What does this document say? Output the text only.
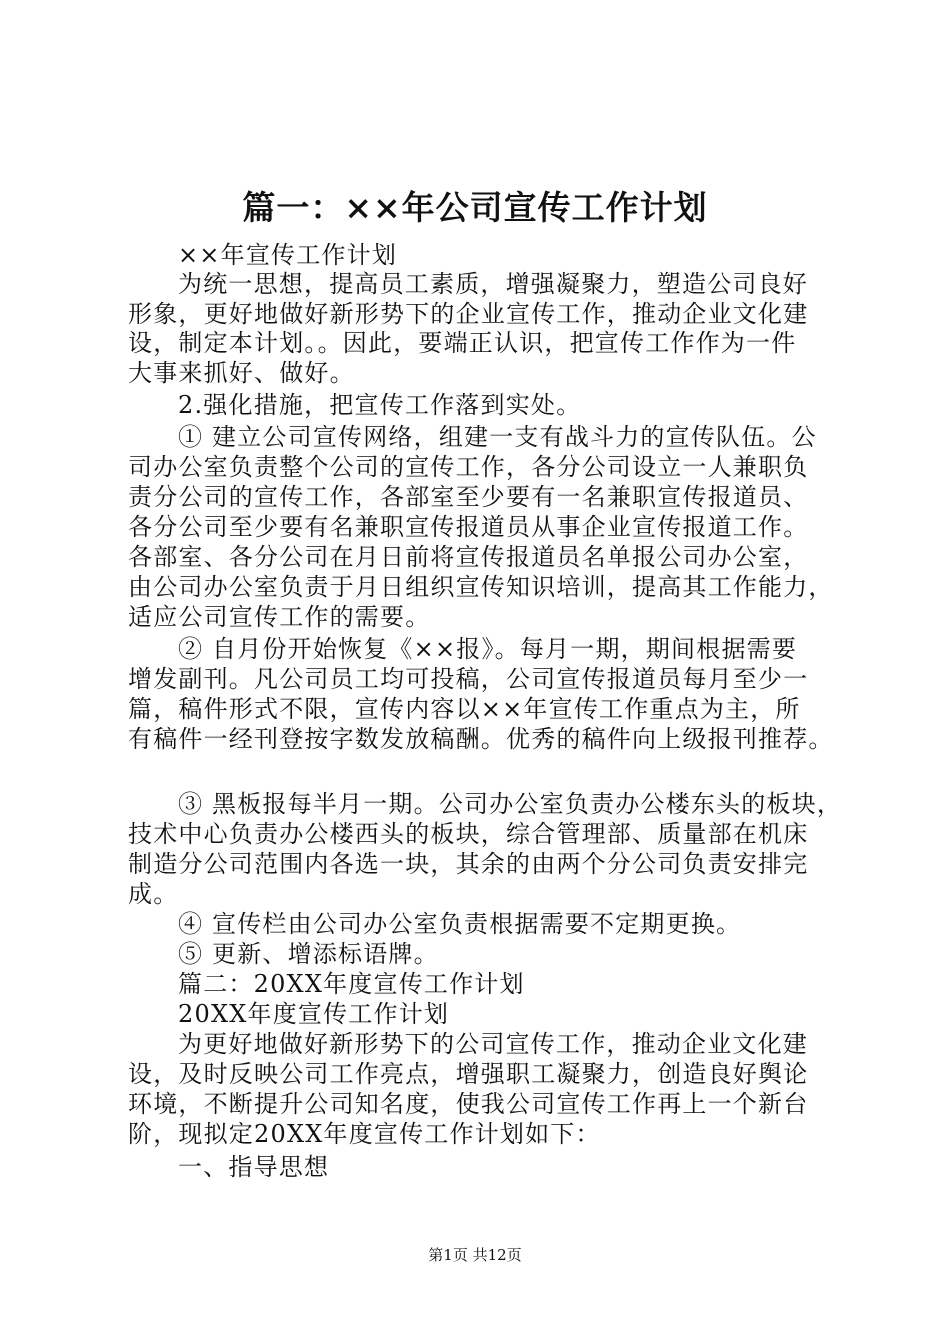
篇一：××年公司宣传工作计划
××年宣传工作计划
为统一思想，提高员工素质，增强凝聚力，塑造公司良好
形象，更好地做好新形势下的企业宣传工作，推动企业文化建
设，制定本计划。。因此，要端正认识，把宣传工作作为一件
大事来抓好、做好。
2.强化措施，把宣传工作落到实处。
① 建立公司宣传网络，组建一支有战斗力的宣传队伍。公
司办公室负责整个公司的宣传工作，各分公司设立一人兼职负
责分公司的宣传工作，各部室至少要有一名兼职宣传报道员、
各分公司至少要有名兼职宣传报道员从事企业宣传报道工作。
各部室、各分公司在月日前将宣传报道员名单报公司办公室，
由公司办公室负责于月日组织宣传知识培训，提高其工作能力，
适应公司宣传工作的需要。
② 自月份开始恢复《××报》。每月一期，期间根据需要
增发副刊。凡公司员工均可投稿，公司宣传报道员每月至少一
篇，稿件形式不限，宣传内容以××年宣传工作重点为主，所
有稿件一经刊登按字数发放稿酬。优秀的稿件向上级报刊推荐。
③ 黑板报每半月一期。公司办公室负责办公楼东头的板块，
技术中心负责办公楼西头的板块，综合管理部、质量部在机床
制造分公司范围内各选一块，其余的由两个分公司负责安排完
成。
④ 宣传栏由公司办公室负责根据需要不定期更换。
⑤ 更新、增添标语牌。
篇二：20XX年度宣传工作计划
20XX年度宣传工作计划
为更好地做好新形势下的公司宣传工作，推动企业文化建
设，及时反映公司工作亮点，增强职工凝聚力，创造良好舆论
环境，不断提升公司知名度，使我公司宣传工作再上一个新台
阶，现拟定20XX年度宣传工作计划如下：
一、指导思想
第1页 共12页
